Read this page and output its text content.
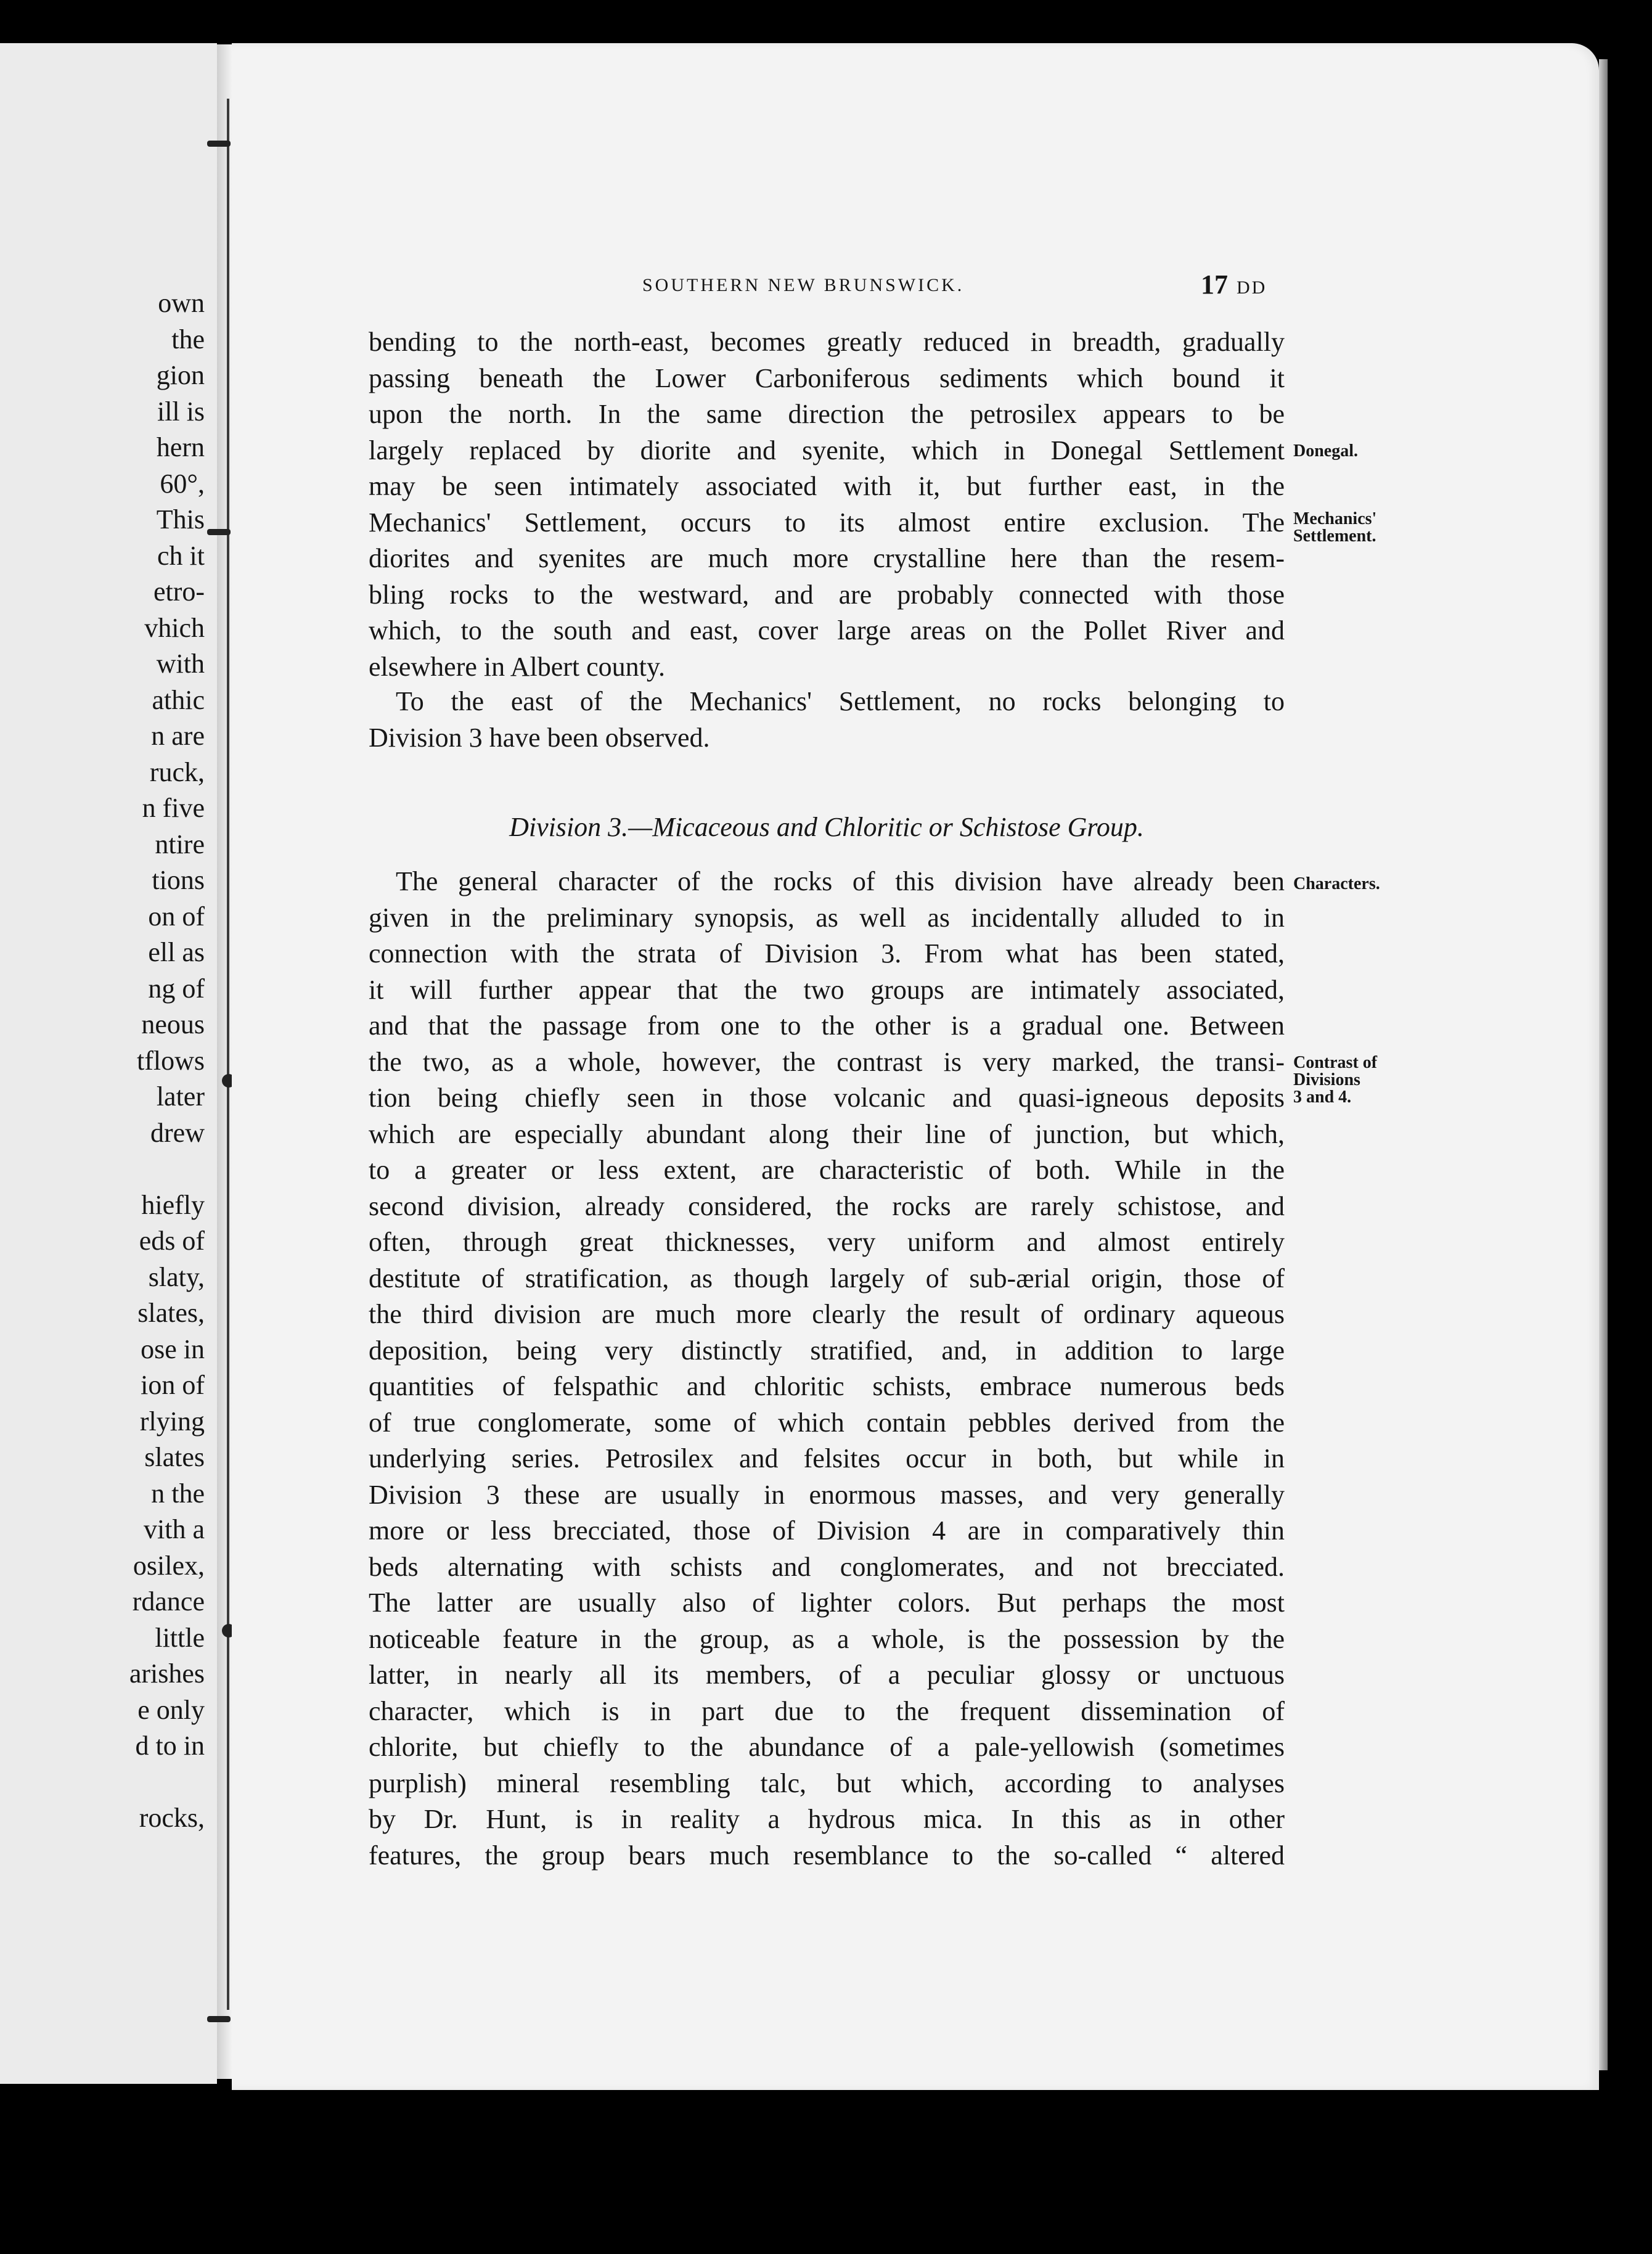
own
the
gion
ill is
hern
60°,
This
ch it
etro-
vhich
with
athic
n are
ruck,
n five
ntire
tions
on of
ell as
ng of
neous
tflows
later
drew
hiefly
eds of
slaty,
slates,
ose in
ion of
rlying
slates
n the
vith a
osilex,
rdance
little
arishes
e only
d to in
rocks,
SOUTHERN NEW BRUNSWICK.	17 DD
bending to the north-east, becomes greatly reduced in breadth, gradually
passing beneath the Lower Carboniferous sediments which bound it
upon the north. In the same direction the petrosilex appears to be
largely replaced by diorite and syenite, which in Donegal Settlement
may be seen intimately associated with it, but further east, in the
Mechanics' Settlement, occurs to its almost entire exclusion. The
diorites and syenites are much more crystalline here than the resem-
bling rocks to the westward, and are probably connected with those
which, to the south and east, cover large areas on the Pollet River and
elsewhere in Albert county.
To the east of the Mechanics' Settlement, no rocks belonging to
Division 3 have been observed.
The general character of the rocks of this division have already been
given in the preliminary synopsis, as well as incidentally alluded to in
connection with the strata of Division 3. From what has been stated,
it will further appear that the two groups are intimately associated,
and that the passage from one to the other is a gradual one. Between
the two, as a whole, however, the contrast is very marked, the transi-
tion being chiefly seen in those volcanic and quasi-igneous deposits
which are especially abundant along their line of junction, but which,
to a greater or less extent, are characteristic of both. While in the
second division, already considered, the rocks are rarely schistose, and
often, through great thicknesses, very uniform and almost entirely
destitute of stratification, as though largely of sub-ærial origin, those of
the third division are much more clearly the result of ordinary aqueous
deposition, being very distinctly stratified, and, in addition to large
quantities of felspathic and chloritic schists, embrace numerous beds
of true conglomerate, some of which contain pebbles derived from the
underlying series. Petrosilex and felsites occur in both, but while in
Division 3 these are usually in enormous masses, and very generally
more or less brecciated, those of Division 4 are in comparatively thin
beds alternating with schists and conglomerates, and not brecciated.
The latter are usually also of lighter colors. But perhaps the most
noticeable feature in the group, as a whole, is the possession by the
latter, in nearly all its members, of a peculiar glossy or unctuous
character, which is in part due to the frequent dissemination of
chlorite, but chiefly to the abundance of a pale-yellowish (sometimes
purplish) mineral resembling talc, but which, according to analyses
by Dr. Hunt, is in reality a hydrous mica. In this as in other
features, the group bears much resemblance to the so-called “ altered
Division 3.—Micaceous and Chloritic or Schistose Group.
Donegal.
Mechanics'
Settlement.
Characters.
Contrast of
Divisions
3 and 4.
